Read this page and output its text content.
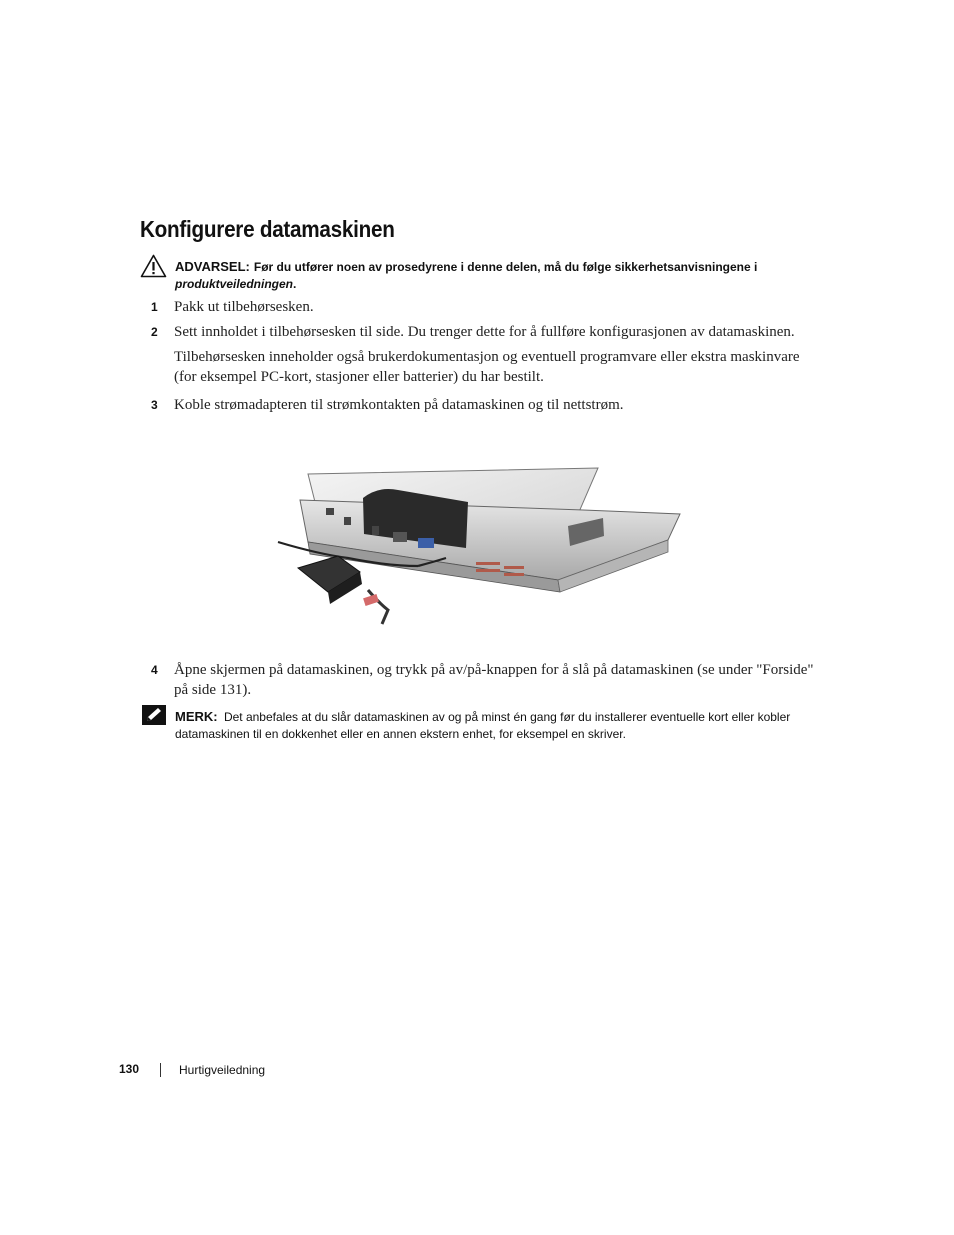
Konfigurere datamaskinen
ADVARSEL: Før du utfører noen av prosedyrene i denne delen, må du følge sikkerhetsanvisningene i
produktveiledningen.
1 Pakk ut tilbehørsesken.
2 Sett innholdet i tilbehørsesken til side. Du trenger dette for å fullføre konfigurasjonen av datamaskinen.
Tilbehørsesken inneholder også brukerdokumentasjon og eventuell programvare eller ekstra maskinvare (for eksempel PC-kort, stasjoner eller batterier) du har bestilt.
3 Koble strømadapteren til strømkontakten på datamaskinen og til nettstrøm.
4 Åpne skjermen på datamaskinen, og trykk på av/på-knappen for å slå på datamaskinen (se under "Forside" på side 131).
MERK: Det anbefales at du slår datamaskinen av og på minst én gang før du installerer eventuelle kort eller kobler datamaskinen til en dokkenhet eller en annen ekstern enhet, for eksempel en skriver.
130	Hurtigveiledning
